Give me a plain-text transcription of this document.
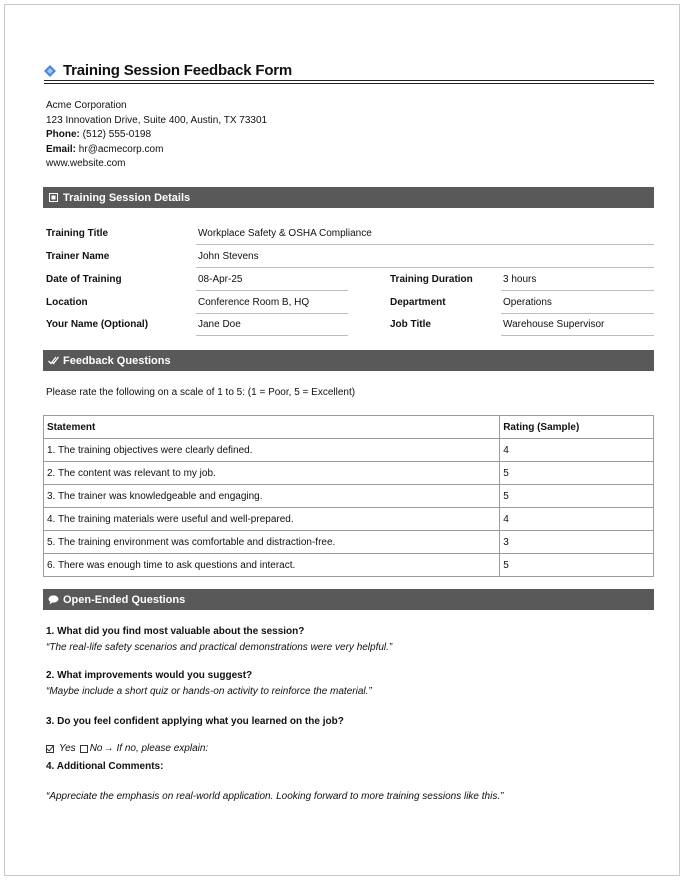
Training Session Feedback Form
Acme Corporation
123 Innovation Drive, Suite 400, Austin, TX 73301
Phone: (512) 555-0198
Email: hr@acmecorp.com
www.website.com
Training Session Details
Training Title	Workplace Safety & OSHA Compliance
Trainer Name	John Stevens
Date of Training	08-Apr-25	Training Duration	3 hours
Location	Conference Room B, HQ	Department	Operations
Your Name (Optional)	Jane Doe	Job Title	Warehouse Supervisor
Feedback Questions
Please rate the following on a scale of 1 to 5: (1 = Poor, 5 = Excellent)
Statement	Rating (Sample)
1. The training objectives were clearly defined.	4
2. The content was relevant to my job.	5
3. The trainer was knowledgeable and engaging.	5
4. The training materials were useful and well-prepared.	4
5. The training environment was comfortable and distraction-free.	3
6. There was enough time to ask questions and interact.	5
Open-Ended Questions
1. What did you find most valuable about the session?
“The real-life safety scenarios and practical demonstrations were very helpful.”
2. What improvements would you suggest?
“Maybe include a short quiz or hands-on activity to reinforce the material.”
3. Do you feel confident applying what you learned on the job?
Yes No → If no, please explain:
4. Additional Comments:
“Appreciate the emphasis on real-world application. Looking forward to more training sessions like this.”
